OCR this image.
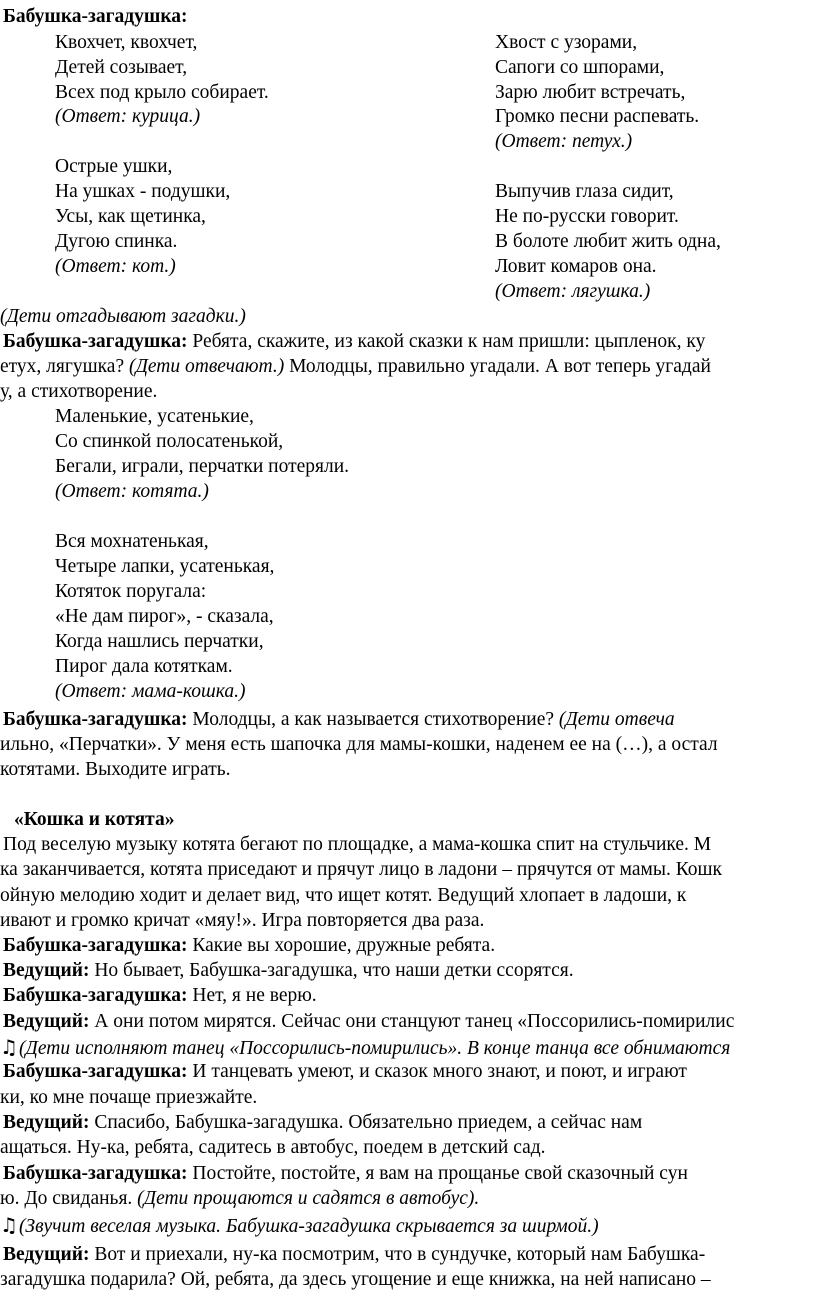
Бабушка-загадушка:
Квохчет, квохчет,
Детей созывает,
Всех под крыло собирает.
(Ответ: курица.)
Хвост с узорами,
Сапоги со шпорами,
Зарю любит встречать,
Громко песни распевать.
(Ответ: петух.)
Острые ушки,
На ушках - подушки,
Усы, как щетинка,
Дугою спинка.
(Ответ: кот.)
Выпучив глаза сидит,
Не по-русски говорит.
В болоте любит жить одна,
Ловит комаров она.
(Ответ: лягушка.)
(Дети отгадывают загадки.)
Бабушка-загадушка: Ребята, скажите, из какой сказки к нам пришли: цыпленок, ку
етух, лягушка? (Дети отвечают.) Молодцы, правильно угадали. А вот теперь угадай
у, а стихотворение.
Маленькие, усатенькие,
Со спинкой полосатенькой,
Бегали, играли, перчатки потеряли.
(Ответ: котята.)
Вся мохнатенькая,
Четыре лапки, усатенькая,
Котяток поругала:
«Не дам пирог», - сказала,
Когда нашлись перчатки,
Пирог дала котяткам.
(Ответ: мама-кошка.)
Бабушка-загадушка: Молодцы, а как называется стихотворение? (Дети отвеча
ильно, «Перчатки». У меня есть шапочка для мамы-кошки, наденем ее на (…), а остал
котятами. Выходите играть.
«Кошка и котята»
Под веселую музыку котята бегают по площадке, а мама-кошка спит на стульчике. М
ка заканчивается, котята приседают и прячут лицо в ладони – прячутся от мамы. Кошк
ойную мелодию ходит и делает вид, что ищет котят. Ведущий хлопает в ладоши, к
ивают и громко кричат «мяу!». Игра повторяется два раза.
Бабушка-загадушка: Какие вы хорошие, дружные ребята.
Ведущий: Но бывает, Бабушка-загадушка, что наши детки ссорятся.
Бабушка-загадушка: Нет, я не верю.
Ведущий: А они потом мирятся. Сейчас они станцуют танец «Поссорились-помирилис
♫(Дети исполняют танец «Поссорились-помирились». В конце танца все обнимаются
Бабушка-загадушка: И танцевать умеют, и сказок много знают, и поют, и играют
ки, ко мне почаще приезжайте.
Ведущий: Спасибо, Бабушка-загадушка. Обязательно приедем, а сейчас нам
ащаться. Ну-ка, ребята, садитесь в автобус, поедем в детский сад.
Бабушка-загадушка: Постойте, постойте, я вам на прощанье свой сказочный сун
ю. До свиданья. (Дети прощаются и садятся в автобус).
♫(Звучит веселая музыка. Бабушка-загадушка скрывается за ширмой.)
Ведущий: Вот и приехали, ну-ка посмотрим, что в сундучке, который нам Бабушка-
загадушка подарила? Ой, ребята, да здесь угощение и еще книжка, на ней написано –
